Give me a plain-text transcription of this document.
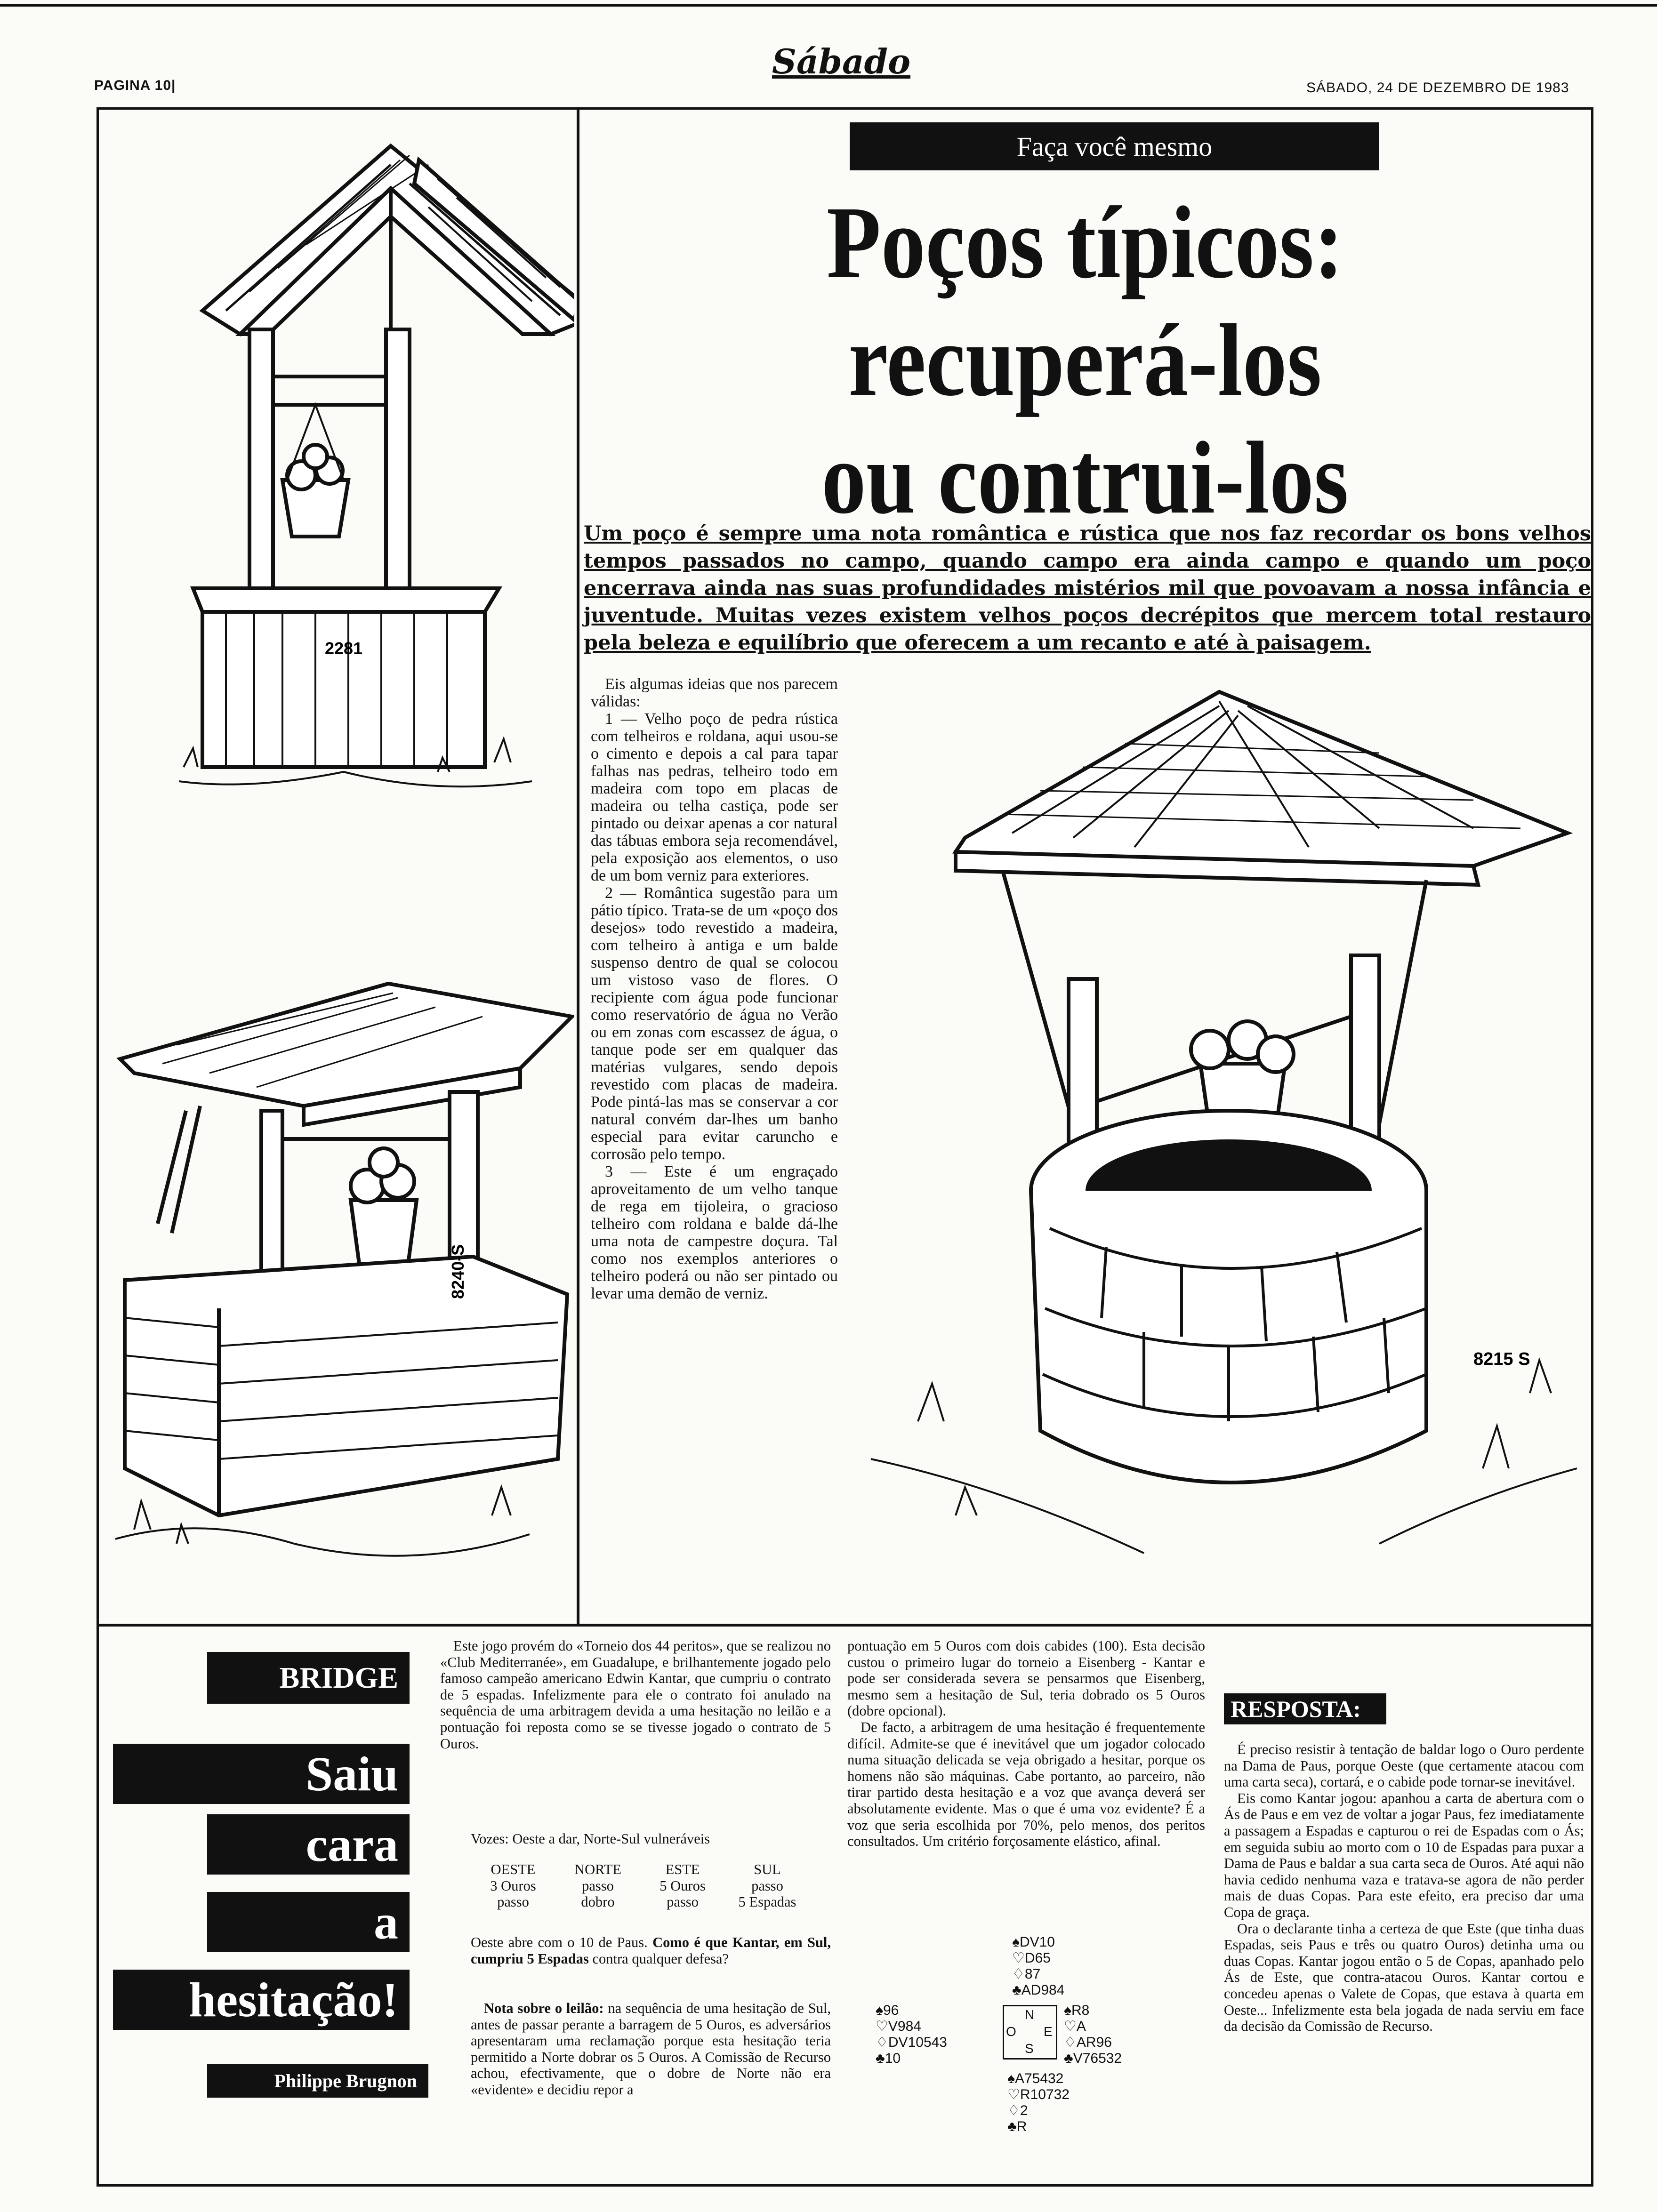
PAGINA 10|
Sábado
SÁBADO, 24 DE DEZEMBRO DE 1983
Faça você mesmo
Poços típicos:
recuperá-los
ou contrui-los
Um poço é sempre uma nota romântica e rústica que nos faz recordar os bons velhos tempos passados no campo, quando campo era ainda campo e quando um poço encerrava ainda nas suas profundidades mistérios mil que povoavam a nossa infância e juventude. Muitas vezes existem velhos poços decrépitos que mercem total restauro pela beleza e equilíbrio que oferecem a um recanto e até à paisagem.

Eis algumas ideias que nos parecem válidas:

1 — Velho poço de pedra rústica com telheiros e roldana, aqui usou-se o cimento e depois a cal para tapar falhas nas pedras, telheiro todo em madeira com topo em placas de madeira ou telha castiça, pode ser pintado ou deixar apenas a cor natural das tábuas embora seja recomendável, pela exposição aos elementos, o uso de um bom verniz para exteriores.

2 — Romântica sugestão para um pátio típico. Trata-se de um «poço dos desejos» todo revestido a madeira, com telheiro à antiga e um balde suspenso dentro de qual se colocou um vistoso vaso de flores. O recipiente com água pode funcionar como reservatório de água no Verão ou em zonas com escassez de água, o tanque pode ser em qualquer das matérias vulgares, sendo depois revestido com placas de madeira. Pode pintá-las mas se conservar a cor natural convém dar-lhes um banho especial para evitar caruncho e corrosão pelo tempo.

3 — Este é um engraçado aproveitamento de um velho tanque de rega em tijoleira, o gracioso telheiro com roldana e balde dá-lhe uma nota de campestre doçura. Tal como nos exemplos anteriores o telheiro poderá ou não ser pintado ou levar uma demão de verniz.

2281
8240-S
8215 S
BRIDGE
Saiu
cara
a
hesitação!
Philippe Brugnon

Este jogo provém do «Torneio dos 44 peritos», que se realizou no «Club Mediterranée», em Guadalupe, e brilhantemente jogado pelo famoso campeão americano Edwin Kantar, que cumpriu o contrato de 5 espadas. Infelizmente para ele o contrato foi anulado na sequência de uma arbitragem devida a uma hesitação no leilão e a pontuação foi reposta como se se tivesse jogado o contrato de 5 Ouros.

Vozes: Oeste a dar, Norte-Sul vulneráveis
OESTE	NORTE	ESTE	SUL
3 Ouros	passo	5 Ouros	passo
passo	dobro	passo	5 Espadas

Oeste abre com o 10 de Paus. Como é que Kantar, em Sul, cumpriu 5 Espadas contra qualquer defesa?

Nota sobre o leilão: na sequência de uma hesitação de Sul, antes de passar perante a barragem de 5 Ouros, es adversários apresentaram uma reclamação porque esta hesitação teria permitido a Norte dobrar os 5 Ouros. A Comissão de Recurso achou, efectivamente, que o dobre de Norte não era «evidente» e decidiu repor a

pontuação em 5 Ouros com dois cabides (100). Esta decisão custou o primeiro lugar do torneio a Eisenberg - Kantar e pode ser considerada severa se pensarmos que Eisenberg, mesmo sem a hesitação de Sul, teria dobrado os 5 Ouros (dobre opcional).

De facto, a arbitragem de uma hesitação é frequentemente difícil. Admite-se que é inevitável que um jogador colocado numa situação delicada se veja obrigado a hesitar, porque os homens não são máquinas. Cabe portanto, ao parceiro, não tirar partido desta hesitação e a voz que avança deverá ser absolutamente evidente. Mas o que é uma voz evidente? É a voz que seria escolhida por 70%, pelo menos, dos peritos consultados. Um critério forçosamente elástico, afinal.

♠DV10
♡D65
♢87
♣AD984
♠96
♡V984
♢DV10543
♣10
N
O E
S
♠R8
♡A
♢AR96
♣V76532
♠A75432
♡R10732
♢2
♣R
RESPOSTA:

É preciso resistir à tentação de baldar logo o Ouro perdente na Dama de Paus, porque Oeste (que certamente atacou com uma carta seca), cortará, e o cabide pode tornar-se inevitável.

Eis como Kantar jogou: apanhou a carta de abertura com o Ás de Paus e em vez de voltar a jogar Paus, fez imediatamente a passagem a Espadas e capturou o rei de Espadas com o Ás; em seguida subiu ao morto com o 10 de Espadas para puxar a Dama de Paus e baldar a sua carta seca de Ouros. Até aqui não havia cedido nenhuma vaza e tratava-se agora de não perder mais de duas Copas. Para este efeito, era preciso dar uma Copa de graça.

Ora o declarante tinha a certeza de que Este (que tinha duas Espadas, seis Paus e três ou quatro Ouros) detinha uma ou duas Copas. Kantar jogou então o 5 de Copas, apanhado pelo Ás de Este, que contra-atacou Ouros. Kantar cortou e concedeu apenas o Valete de Copas, que estava à quarta em Oeste... Infelizmente esta bela jogada de nada serviu em face da decisão da Comissão de Recurso.
